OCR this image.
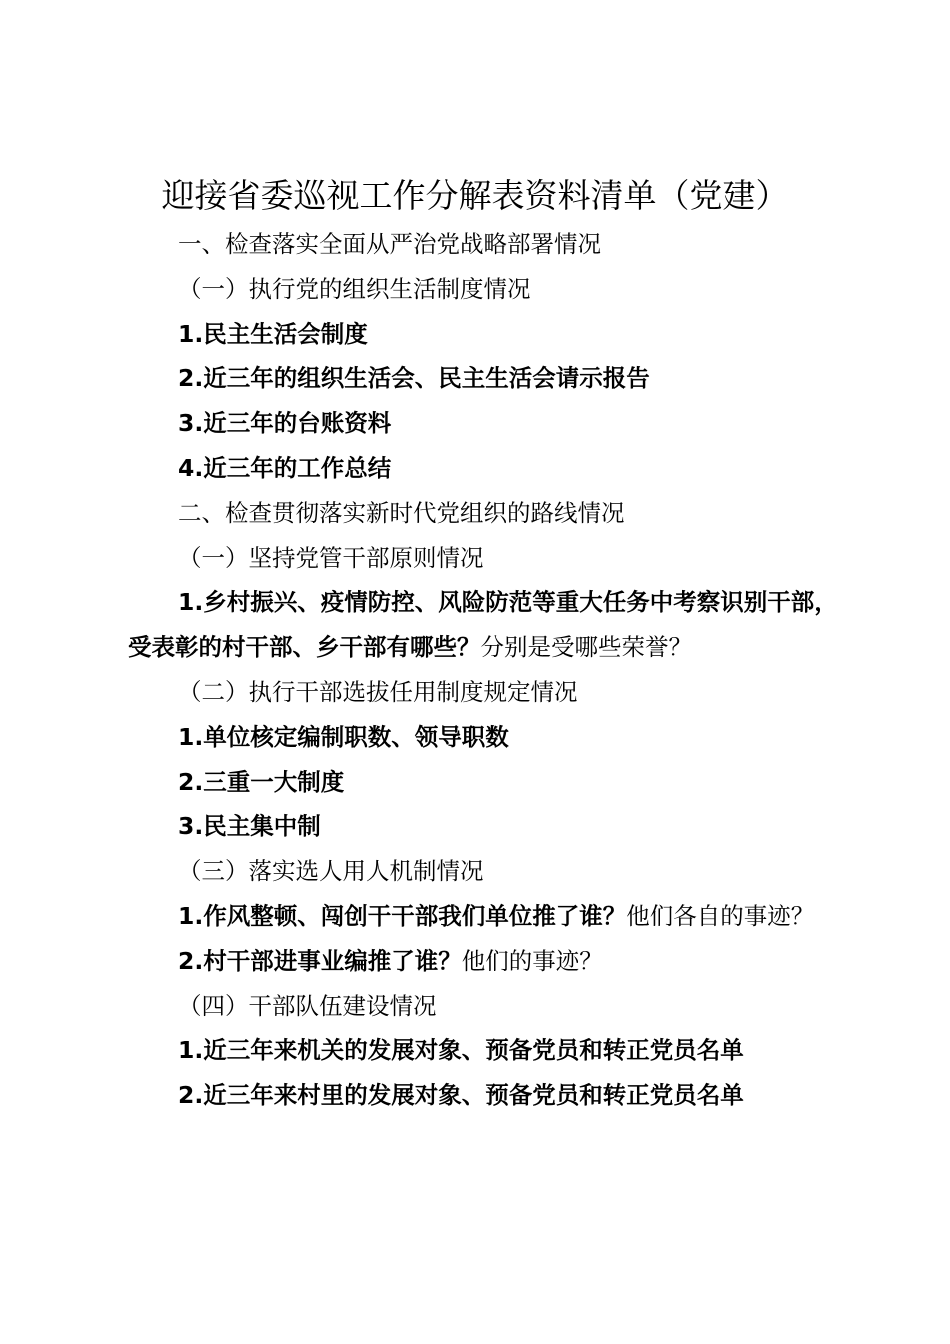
迎接省委巡视工作分解表资料清单（党建）

一、检查落实全面从严治党战略部署情况

（一）执行党的组织生活制度情况

1.民主生活会制度

2.近三年的组织生活会、民主生活会请示报告

3.近三年的台账资料

4.近三年的工作总结

二、检查贯彻落实新时代党组织的路线情况

（一）坚持党管干部原则情况

1.乡村振兴、疫情防控、风险防范等重大任务中考察识别干部，受表彰的村干部、乡干部有哪些？分别是受哪些荣誉？

（二）执行干部选拔任用制度规定情况

1.单位核定编制职数、领导职数

2.三重一大制度

3.民主集中制

（三）落实选人用人机制情况

1.作风整顿、闯创干干部我们单位推了谁？他们各自的事迹？

2.村干部进事业编推了谁？他们的事迹？

（四）干部队伍建设情况

1.近三年来机关的发展对象、预备党员和转正党员名单

2.近三年来村里的发展对象、预备党员和转正党员名单
